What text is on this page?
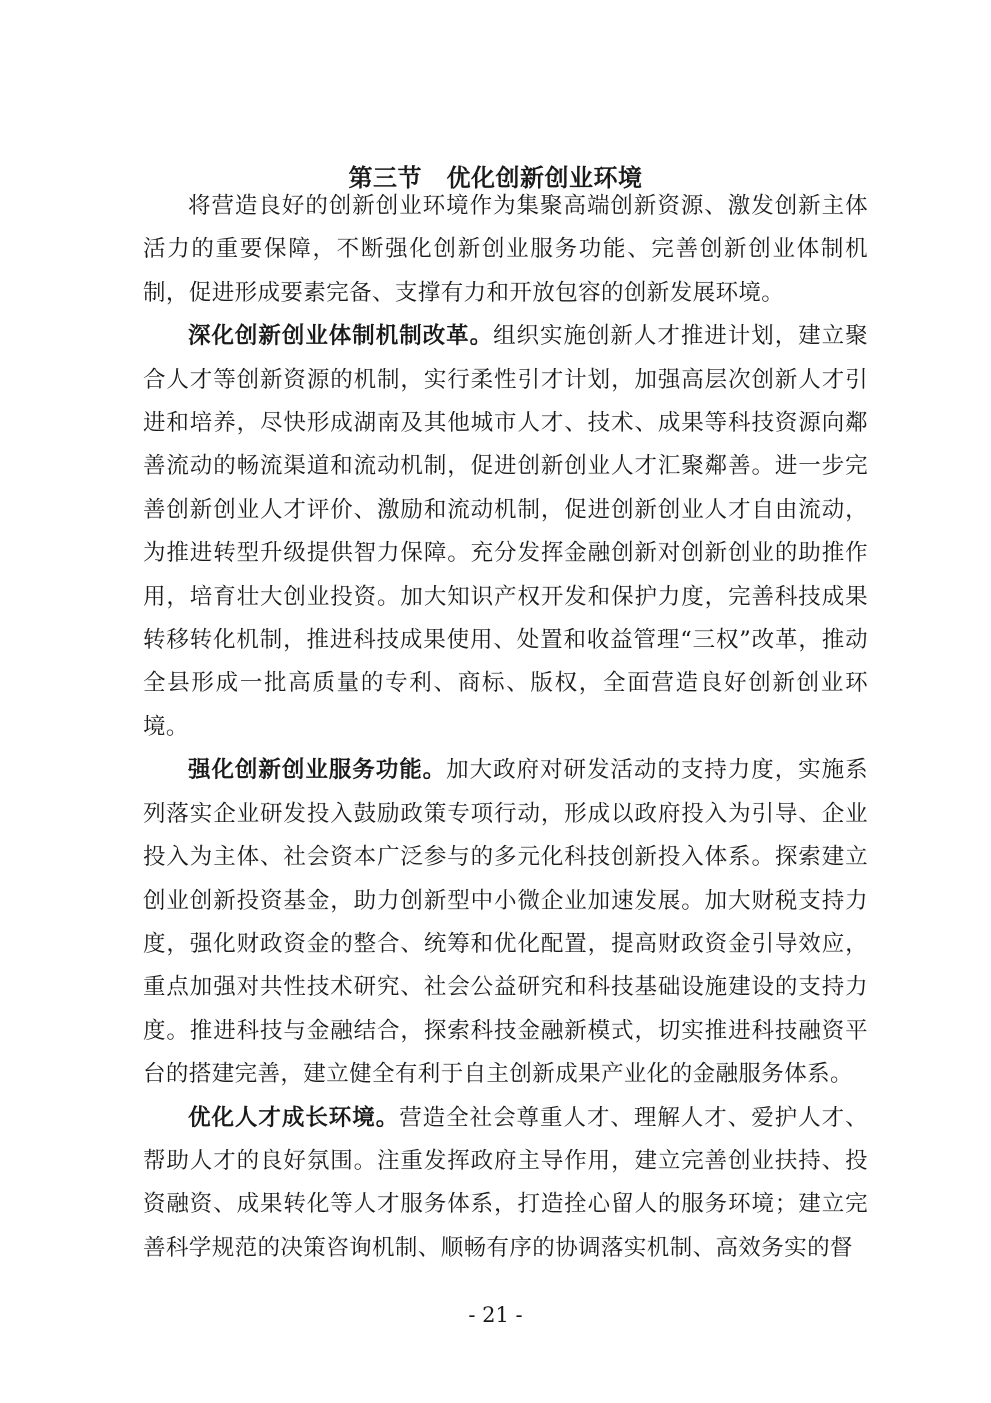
第三节　优化创新创业环境

将营造良好的创新创业环境作为集聚高端创新资源、激发创新主体活力的重要保障，不断强化创新创业服务功能、完善创新创业体制机制，促进形成要素完备、支撑有力和开放包容的创新发展环境。

深化创新创业体制机制改革。组织实施创新人才推进计划，建立聚合人才等创新资源的机制，实行柔性引才计划，加强高层次创新人才引进和培养，尽快形成湖南及其他城市人才、技术、成果等科技资源向鄰善流动的畅流渠道和流动机制，促进创新创业人才汇聚鄰善。进一步完善创新创业人才评价、激励和流动机制，促进创新创业人才自由流动，为推进转型升级提供智力保障。充分发挥金融创新对创新创业的助推作用，培育壮大创业投资。加大知识产权开发和保护力度，完善科技成果转移转化机制，推进科技成果使用、处置和收益管理“三权”改革，推动全县形成一批高质量的专利、商标、版权，全面营造良好创新创业环境。

强化创新创业服务功能。加大政府对研发活动的支持力度，实施系列落实企业研发投入鼓励政策专项行动，形成以政府投入为引导、企业投入为主体、社会资本广泛参与的多元化科技创新投入体系。探索建立创业创新投资基金，助力创新型中小微企业加速发展。加大财税支持力度，强化财政资金的整合、统筹和优化配置，提高财政资金引导效应，重点加强对共性技术研究、社会公益研究和科技基础设施建设的支持力度。推进科技与金融结合，探索科技金融新模式，切实推进科技融资平台的搭建完善，建立健全有利于自主创新成果产业化的金融服务体系。

优化人才成长环境。营造全社会尊重人才、理解人才、爱护人才、帮助人才的良好氛围。注重发挥政府主导作用，建立完善创业扶持、投资融资、成果转化等人才服务体系，打造拴心留人的服务环境；建立完善科学规范的决策咨询机制、顺畅有序的协调落实机制、高效务实的督

- 21 -
